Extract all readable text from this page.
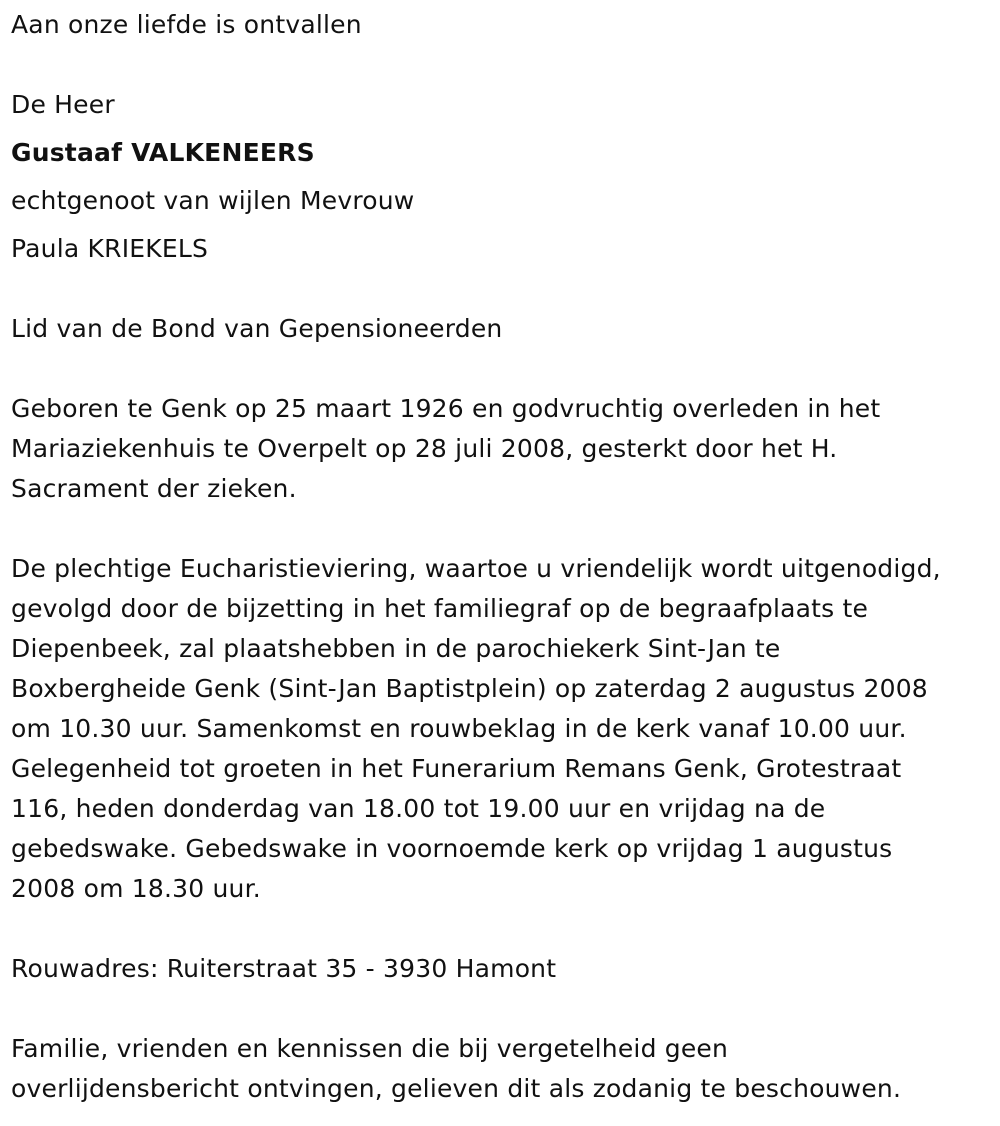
Aan onze liefde is ontvallen
De Heer
Gustaaf VALKENEERS
echtgenoot van wijlen Mevrouw
Paula KRIEKELS
Lid van de Bond van Gepensioneerden
Geboren te Genk op 25 maart 1926 en godvruchtig overleden in het
Mariaziekenhuis te Overpelt op 28 juli 2008, gesterkt door het H.
Sacrament der zieken.
De plechtige Eucharistieviering, waartoe u vriendelijk wordt uitgenodigd,
gevolgd door de bijzetting in het familiegraf op de begraafplaats te
Diepenbeek, zal plaatshebben in de parochiekerk Sint-Jan te
Boxbergheide Genk (Sint-Jan Baptistplein) op zaterdag 2 augustus 2008
om 10.30 uur. Samenkomst en rouwbeklag in de kerk vanaf 10.00 uur.
Gelegenheid tot groeten in het Funerarium Remans Genk, Grotestraat
116, heden donderdag van 18.00 tot 19.00 uur en vrijdag na de
gebedswake. Gebedswake in voornoemde kerk op vrijdag 1 augustus
2008 om 18.30 uur.
Rouwadres: Ruiterstraat 35 - 3930 Hamont
Familie, vrienden en kennissen die bij vergetelheid geen
overlijdensbericht ontvingen, gelieven dit als zodanig te beschouwen.
